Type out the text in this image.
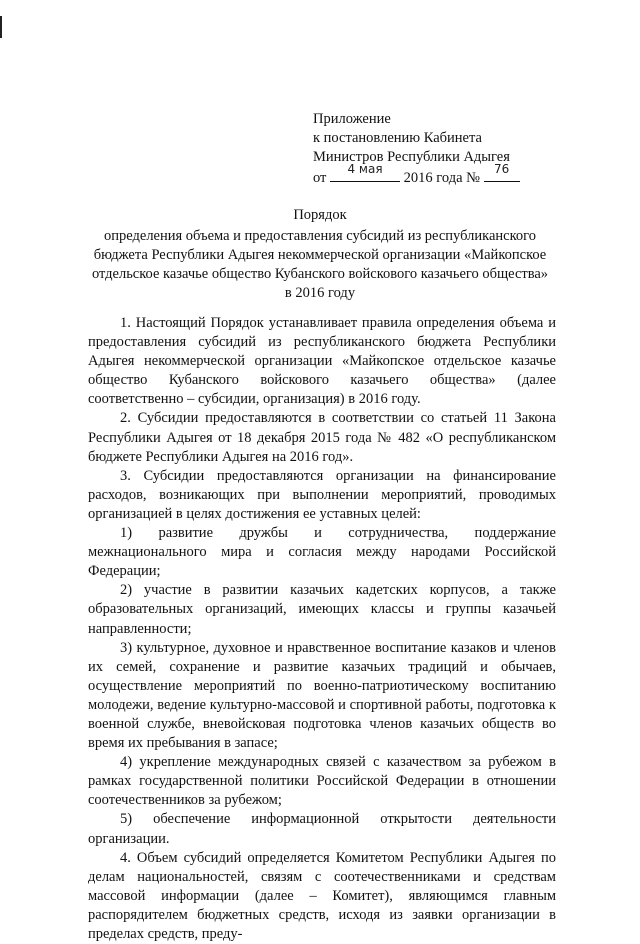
Приложение
к постановлению Кабинета
Министров Республики Адыгея
от
4 мая
2016 года №
76
Порядок
определения объема и предоставления субсидий из республиканского
бюджета Республики Адыгея некоммерческой организации «Майкопское
отдельское казачье общество Кубанского войскового казачьего общества»
в 2016 году

1. Настоящий Порядок устанавливает правила определения объема и предоставления субсидий из республиканского бюджета Республики Адыгея некоммерческой организации «Майкопское отдельское казачье общество Кубанского войскового казачьего общества» (далее соответственно – субсидии, организация) в 2016 году.

2. Субсидии предоставляются в соответствии со статьей 11 Закона Республики Адыгея от 18 декабря 2015 года № 482 «О республиканском бюджете Республики Адыгея на 2016 год».

3. Субсидии предоставляются организации на финансирование расходов, возникающих при выполнении мероприятий, проводимых организацией в целях достижения ее уставных целей:

1) развитие дружбы и сотрудничества, поддержание межнационального мира и согласия между народами Российской Федерации;

2) участие в развитии казачьих кадетских корпусов, а также образовательных организаций, имеющих классы и группы казачьей направленности;

3) культурное, духовное и нравственное воспитание казаков и членов их семей, сохранение и развитие казачьих традиций и обычаев, осуществление мероприятий по военно-патриотическому воспитанию молодежи, ведение культурно-массовой и спортивной работы, подготовка к военной службе, вневойсковая подготовка членов казачьих обществ во время их пребывания в запасе;

4) укрепление международных связей с казачеством за рубежом в рамках государственной политики Российской Федерации в отношении соотечественников за рубежом;

5) обеспечение информационной открытости деятельности организации.

4. Объем субсидий определяется Комитетом Республики Адыгея по делам национальностей, связям с соотечественниками и средствам массовой информации (далее – Комитет), являющимся главным распорядителем бюджетных средств, исходя из заявки организации в пределах средств, преду-
